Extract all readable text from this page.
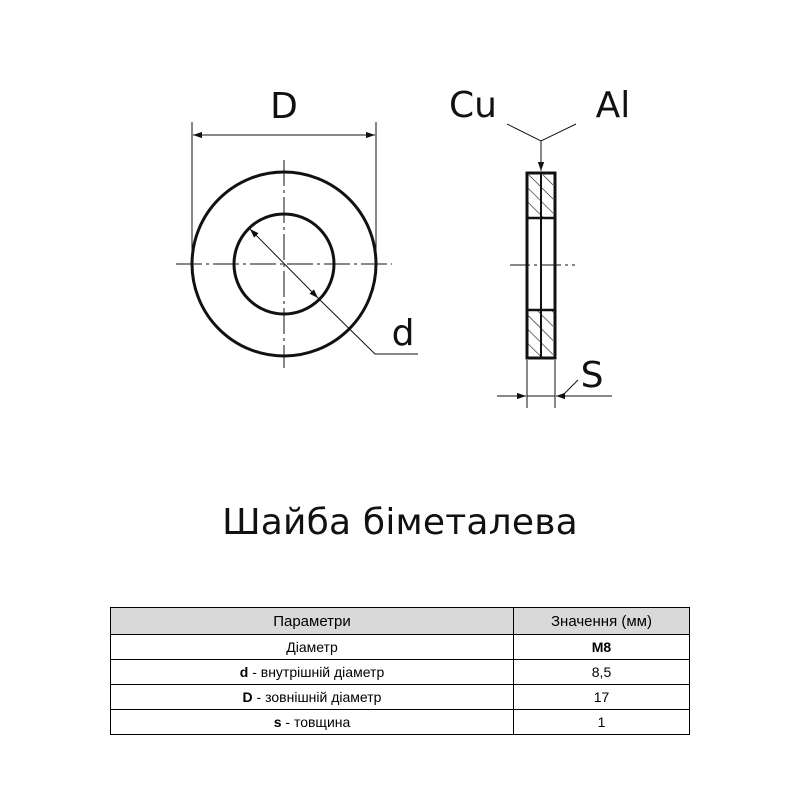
D
d
Cu	Al
S
Шайба біметалева
Параметри	Значення (мм)
Діаметр	M8
d - внутрішній діаметр	8,5
D - зовнішній діаметр	17
s - товщина	1
